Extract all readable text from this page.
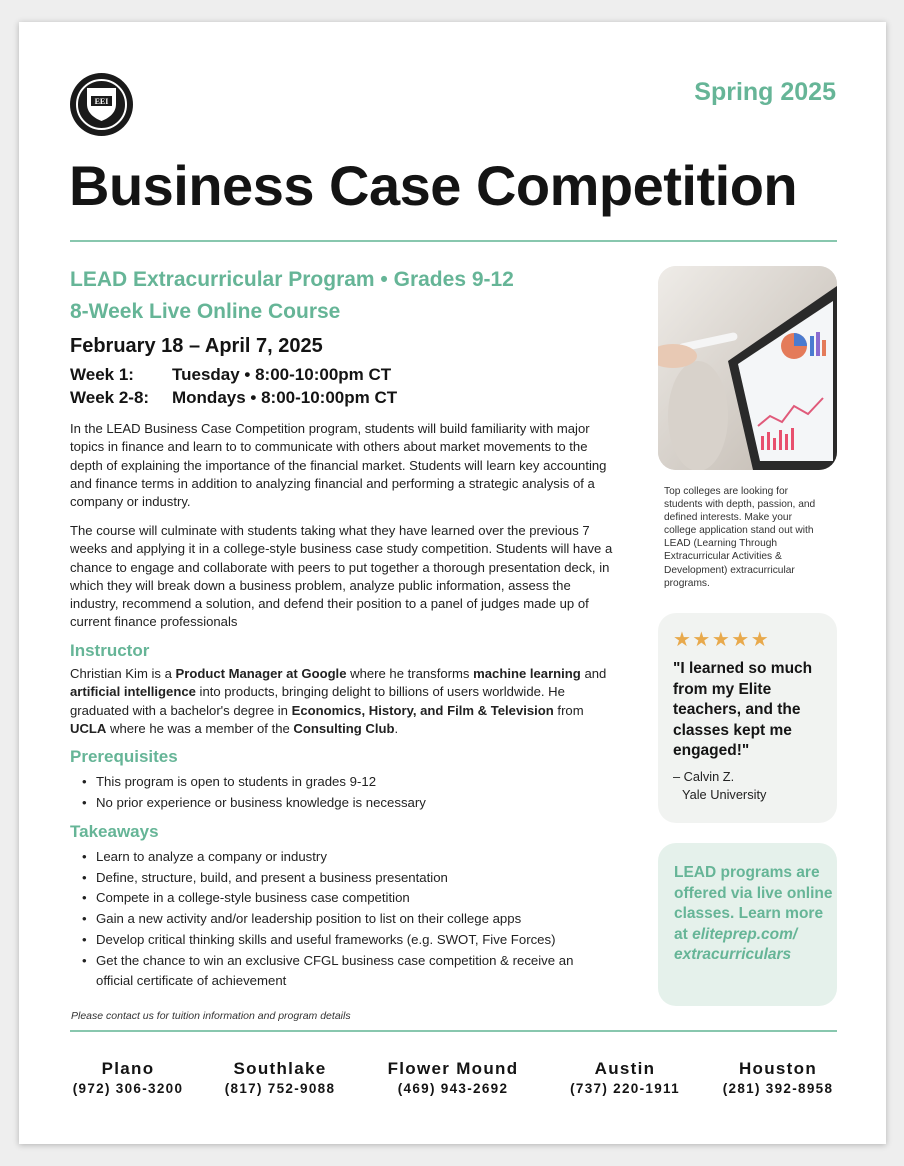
EEI	Spring 2025
Business Case Competition
LEAD Extracurricular Program • Grades 9-12
8-Week Live Online Course
February 18 – April 7, 2025
Week 1: Tuesday • 8:00-10:00pm CT
Week 2-8: Mondays • 8:00-10:00pm CT

In the LEAD Business Case Competition program, students will build familiarity with major topics in finance and learn to to communicate with others about market movements to the depth of explaining the importance of the financial market. Students will learn key accounting and finance terms in addition to analyzing financial and performing a strategic analysis of a company or industry.

The course will culminate with students taking what they have learned over the previous 7 weeks and applying it in a college-style business case study competition. Students will have a chance to engage and collaborate with peers to put together a thorough presentation deck, in which they will break down a business problem, analyze public information, assess the industry, recommend a solution, and defend their position to a panel of judges made up of current finance professionals

Instructor

Christian Kim is a Product Manager at Google where he transforms machine learning and artificial intelligence into products, bringing delight to billions of users worldwide. He graduated with a bachelor's degree in Economics, History, and Film & Television from UCLA where he was a member of the Consulting Club.

Prerequisites
• This program is open to students in grades 9-12
• No prior experience or business knowledge is necessary
Takeaways
• Learn to analyze a company or industry
• Define, structure, build, and present a business presentation
• Compete in a college-style business case competition
• Gain a new activity and/or leadership position to list on their college apps
• Develop critical thinking skills and useful frameworks (e.g. SWOT, Five Forces)
• Get the chance to win an exclusive CFGL business case competition & receive an official certificate of achievement
Please contact us for tuition information and program details

Top colleges are looking for students with depth, passion, and defined interests. Make your college application stand out with LEAD (Learning Through Extracurricular Activities & Development) extracurricular programs.

★★★★★
"I learned so much from my Elite teachers, and the classes kept me engaged!"
– Calvin Z.
Yale University
LEAD programs are offered via live online classes. Learn more at eliteprep.com/ extracurriculars
Plano
(972) 306-3200
Southlake
(817) 752-9088
Flower Mound
(469) 943-2692
Austin
(737) 220-1911
Houston
(281) 392-8958
